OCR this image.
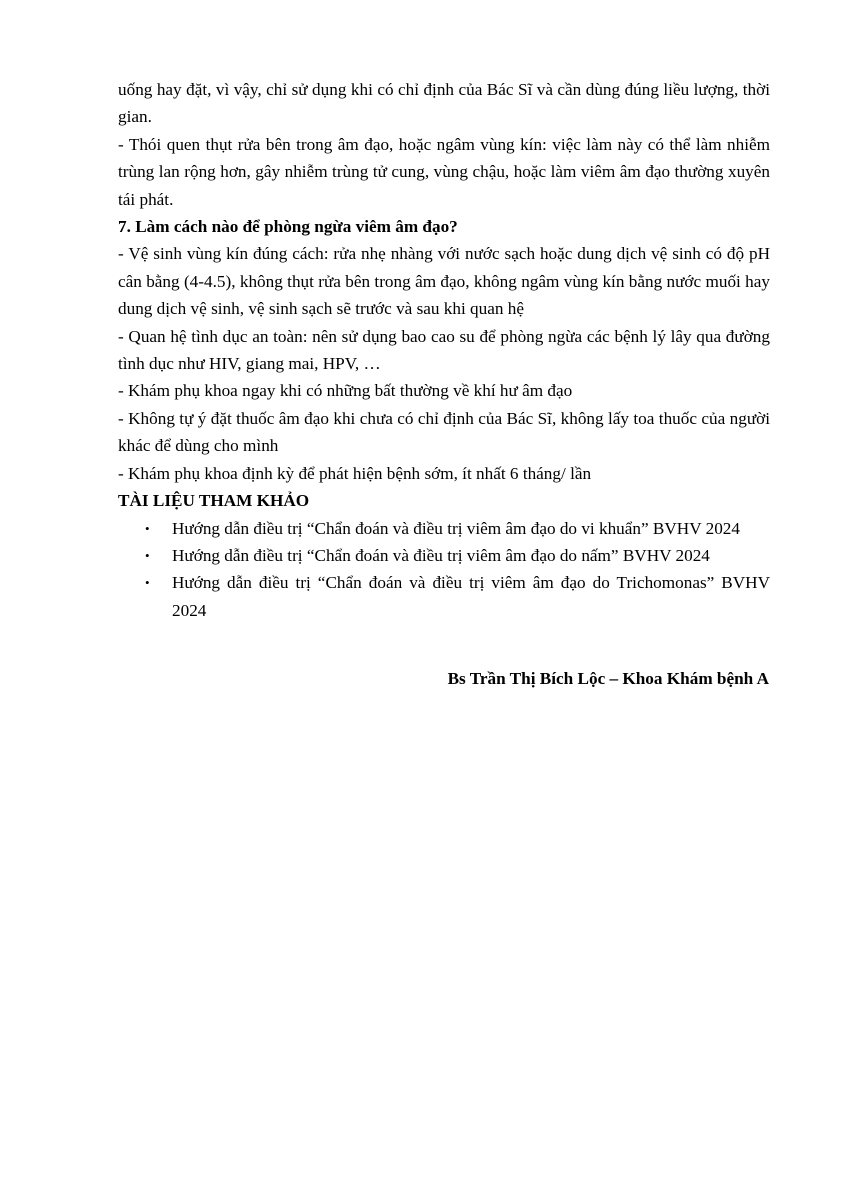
uống hay đặt, vì vậy, chỉ sử dụng khi có chỉ định của Bác Sĩ và cần dùng đúng liều lượng, thời gian.

- Thói quen thụt rửa bên trong âm đạo, hoặc ngâm vùng kín: việc làm này có thể làm nhiễm trùng lan rộng hơn, gây nhiễm trùng tử cung, vùng chậu, hoặc làm viêm âm đạo thường xuyên tái phát.

7. Làm cách nào để phòng ngừa viêm âm đạo?

- Vệ sinh vùng kín đúng cách: rửa nhẹ nhàng với nước sạch hoặc dung dịch vệ sinh có độ pH cân bằng (4-4.5), không thụt rửa bên trong âm đạo, không ngâm vùng kín bằng nước muối hay dung dịch vệ sinh, vệ sinh sạch sẽ trước và sau khi quan hệ

- Quan hệ tình dục an toàn: nên sử dụng bao cao su để phòng ngừa các bệnh lý lây qua đường tình dục như HIV, giang mai, HPV, …

- Khám phụ khoa ngay khi có những bất thường về khí hư âm đạo

- Không tự ý đặt thuốc âm đạo khi chưa có chỉ định của Bác Sĩ, không lấy toa thuốc của người khác để dùng cho mình

- Khám phụ khoa định kỳ để phát hiện bệnh sớm, ít nhất 6 tháng/ lần

TÀI LIỆU THAM KHẢO

• Hướng dẫn điều trị “Chẩn đoán và điều trị viêm âm đạo do vi khuẩn” BVHV 2024
• Hướng dẫn điều trị “Chẩn đoán và điều trị viêm âm đạo do nấm” BVHV 2024
• Hướng dẫn điều trị “Chẩn đoán và điều trị viêm âm đạo do Trichomonas” BVHV 2024

Bs Trần Thị Bích Lộc – Khoa Khám bệnh A
